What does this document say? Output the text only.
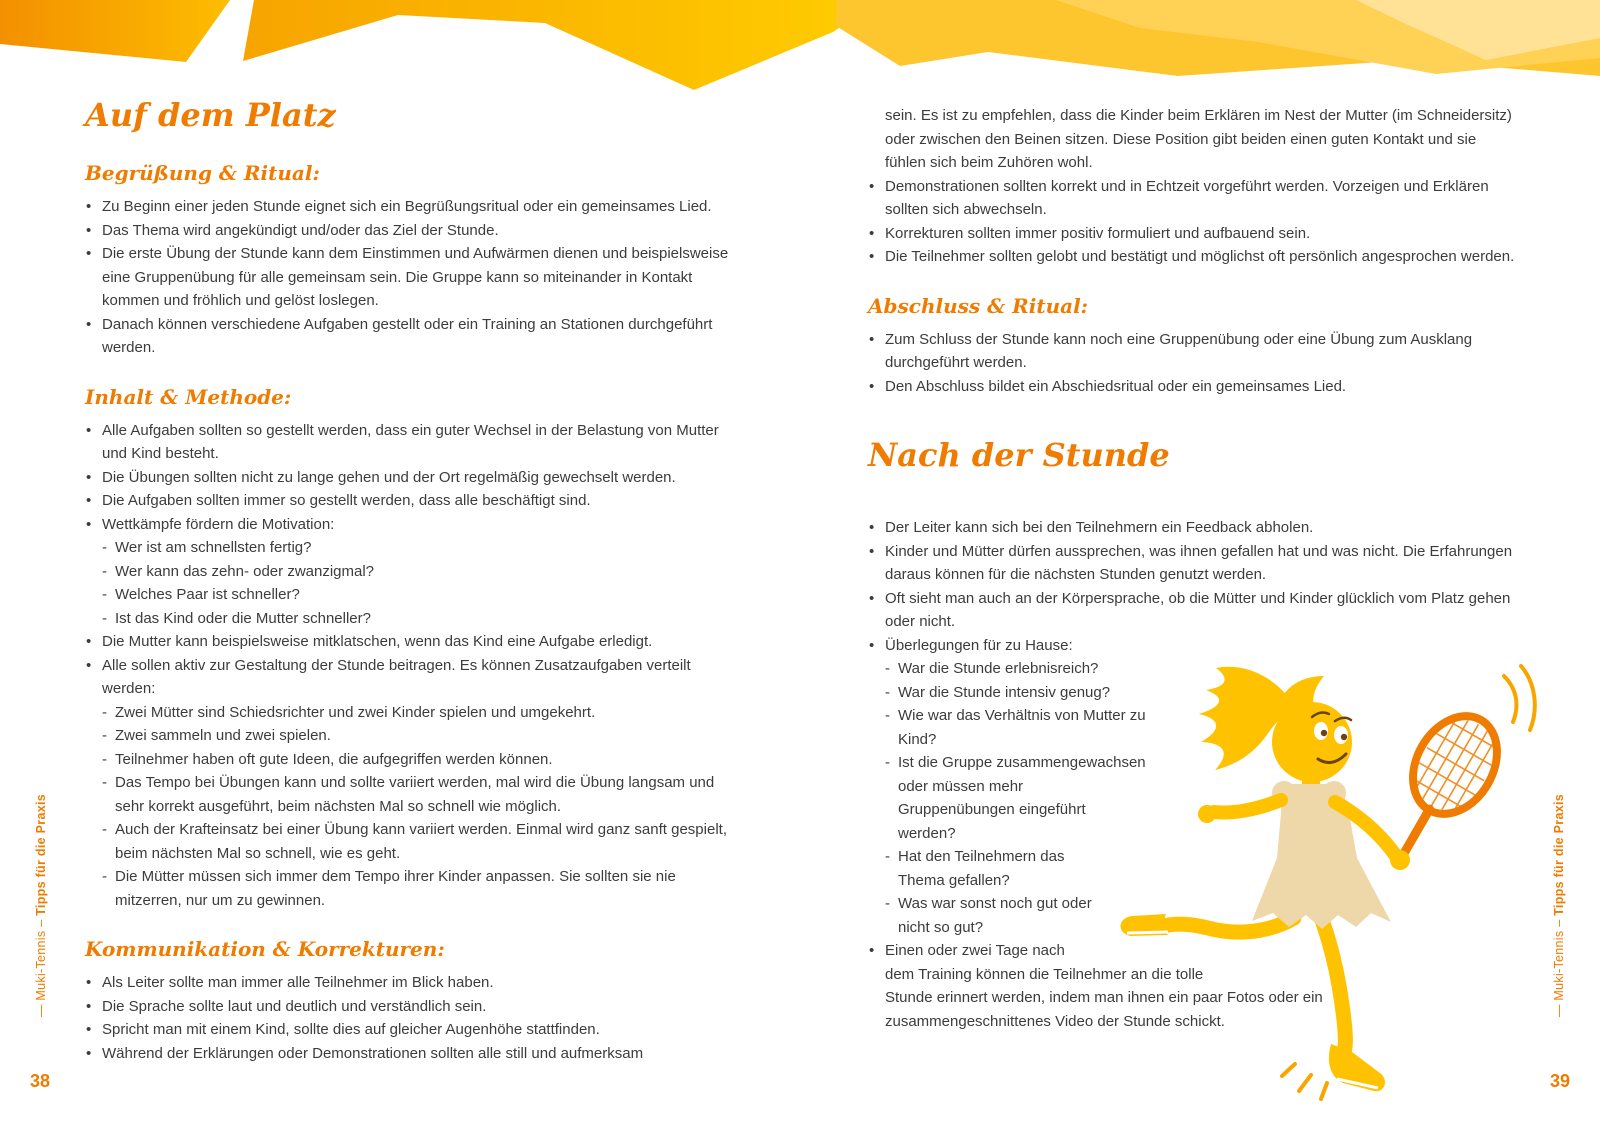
Auf dem Platz
Begrüßung & Ritual:
• Zu Beginn einer jeden Stunde eignet sich ein Begrüßungsritual oder ein gemeinsames Lied.
• Das Thema wird angekündigt und/oder das Ziel der Stunde.
• Die erste Übung der Stunde kann dem Einstimmen und Aufwärmen dienen und beispielsweise eine Gruppenübung für alle gemeinsam sein. Die Gruppe kann so miteinander in Kontakt kommen und fröhlich und gelöst loslegen.
• Danach können verschiedene Aufgaben gestellt oder ein Training an Stationen durchgeführt werden.
Inhalt & Methode:
• Alle Aufgaben sollten so gestellt werden, dass ein guter Wechsel in der Belastung von Mutter und Kind besteht.
• Die Übungen sollten nicht zu lange gehen und der Ort regelmäßig gewechselt werden.
• Die Aufgaben sollten immer so gestellt werden, dass alle beschäftigt sind.
• Wettkämpfe fördern die Motivation:
- Wer ist am schnellsten fertig?
- Wer kann das zehn- oder zwanzigmal?
- Welches Paar ist schneller?
- Ist das Kind oder die Mutter schneller?
• Die Mutter kann beispielsweise mitklatschen, wenn das Kind eine Aufgabe erledigt.
• Alle sollen aktiv zur Gestaltung der Stunde beitragen. Es können Zusatzaufgaben verteilt werden:
- Zwei Mütter sind Schiedsrichter und zwei Kinder spielen und umgekehrt.
- Zwei sammeln und zwei spielen.
- Teilnehmer haben oft gute Ideen, die aufgegriffen werden können.
- Das Tempo bei Übungen kann und sollte variiert werden, mal wird die Übung langsam und sehr korrekt ausgeführt, beim nächsten Mal so schnell wie möglich.
- Auch der Krafteinsatz bei einer Übung kann variiert werden. Einmal wird ganz sanft gespielt, beim nächsten Mal so schnell, wie es geht.
- Die Mütter müssen sich immer dem Tempo ihrer Kinder anpassen. Sie sollten sie nie mitzerren, nur um zu gewinnen.
Kommunikation & Korrekturen:
• Als Leiter sollte man immer alle Teilnehmer im Blick haben.
• Die Sprache sollte laut und deutlich und verständlich sein.
• Spricht man mit einem Kind, sollte dies auf gleicher Augenhöhe stattfinden.
• Während der Erklärungen oder Demonstrationen sollten alle still und aufmerksam

sein. Es ist zu empfehlen, dass die Kinder beim Erklären im Nest der Mutter (im Schneidersitz) oder zwischen den Beinen sitzen. Diese Position gibt beiden einen guten Kontakt und sie fühlen sich beim Zuhören wohl.

• Demonstrationen sollten korrekt und in Echtzeit vorgeführt werden. Vorzeigen und Erklären sollten sich abwechseln.
• Korrekturen sollten immer positiv formuliert und aufbauend sein.
• Die Teilnehmer sollten gelobt und bestätigt und möglichst oft persönlich angesprochen werden.
Abschluss & Ritual:
• Zum Schluss der Stunde kann noch eine Gruppenübung oder eine Übung zum Ausklang durchgeführt werden.
• Den Abschluss bildet ein Abschiedsritual oder ein gemeinsames Lied.
Nach der Stunde
• Der Leiter kann sich bei den Teilnehmern ein Feedback abholen.
• Kinder und Mütter dürfen aussprechen, was ihnen gefallen hat und was nicht. Die Erfahrungen daraus können für die nächsten Stunden genutzt werden.
• Oft sieht man auch an der Körpersprache, ob die Mütter und Kinder glücklich vom Platz gehen oder nicht.
• Überlegungen für zu Hause:
- War die Stunde erlebnisreich?
- War die Stunde intensiv genug?
- Wie war das Verhältnis von Mutter zu Kind?
- Ist die Gruppe zusammengewachsen oder müssen mehr Gruppenübungen eingeführt werden?
- Hat den Teilnehmern das Thema gefallen?
- Was war sonst noch gut oder nicht so gut?
• Einen oder zwei Tage nach dem Training können die Teilnehmer an die tolle Stunde erinnert werden, indem man ihnen ein paar Fotos oder ein zusammengeschnittenes Video der Stunde schickt.
— Muki-Tennis – Tipps für die Praxis
— Muki-Tennis – Tipps für die Praxis
38	39
